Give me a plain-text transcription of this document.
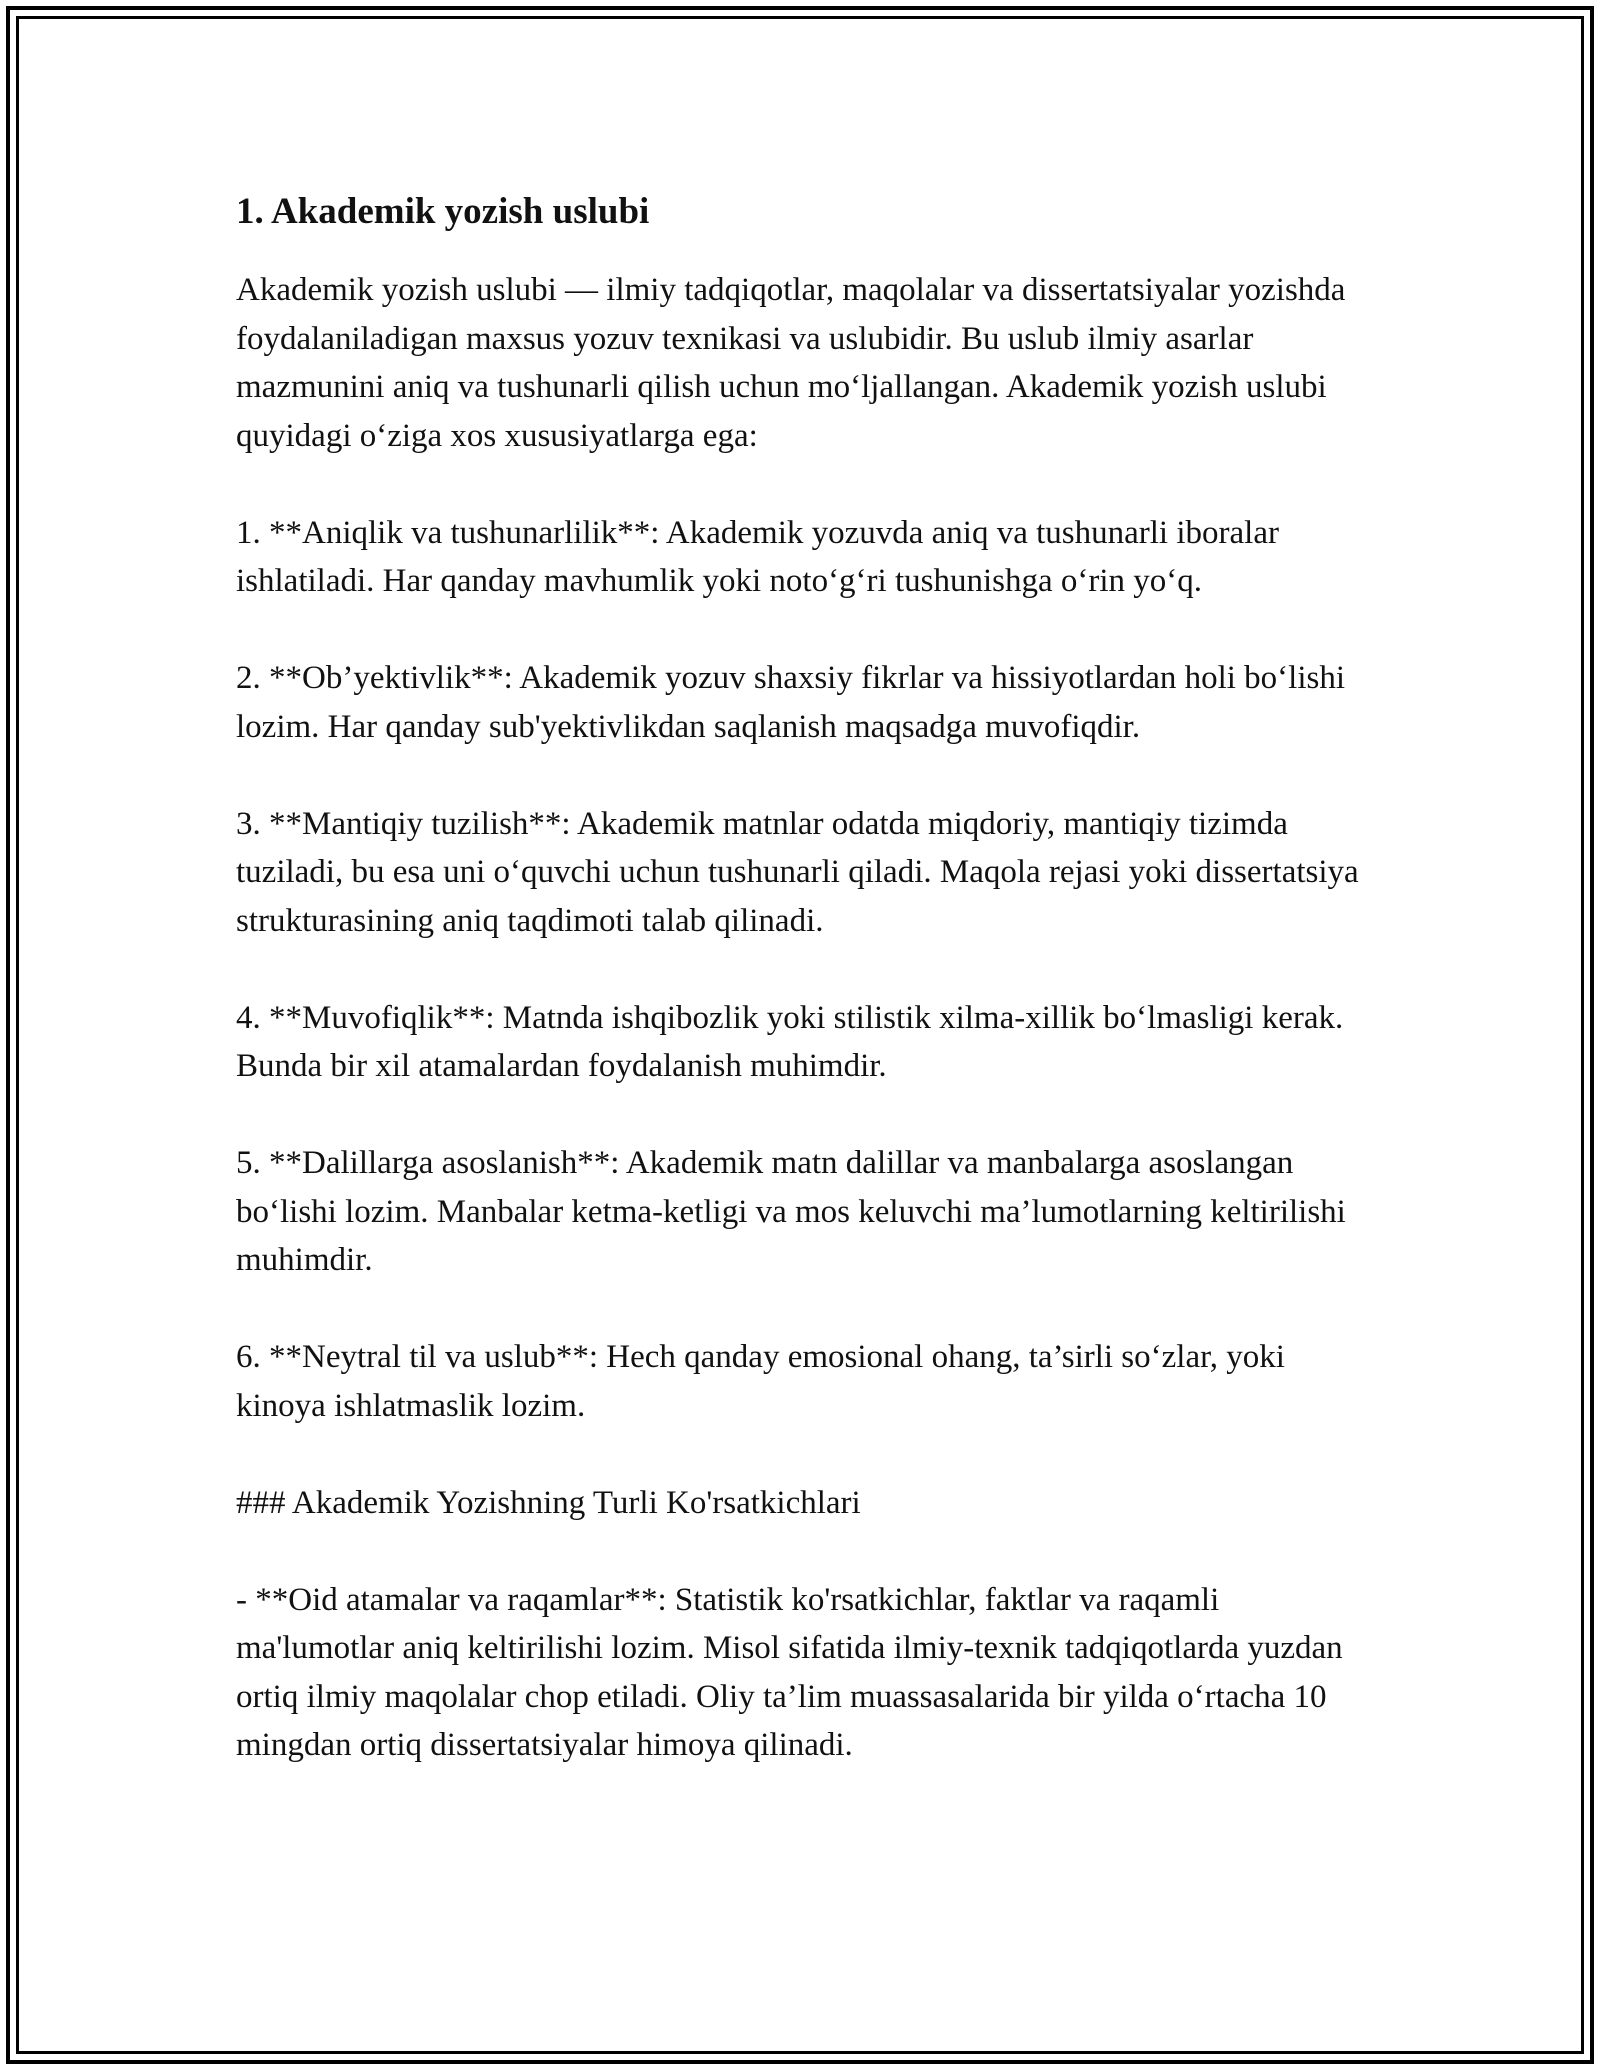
1. Akademik yozish uslubi

Akademik yozish uslubi — ilmiy tadqiqotlar, maqolalar va dissertatsiyalar yozishda foydalaniladigan maxsus yozuv texnikasi va uslubidir. Bu uslub ilmiy asarlar mazmunini aniq va tushunarli qilish uchun mo‘ljallangan. Akademik yozish uslubi quyidagi o‘ziga xos xususiyatlarga ega:

1. **Aniqlik va tushunarlilik**: Akademik yozuvda aniq va tushunarli iboralar ishlatiladi. Har qanday mavhumlik yoki noto‘g‘ri tushunishga o‘rin yo‘q.

2. **Ob’yektivlik**: Akademik yozuv shaxsiy fikrlar va hissiyotlardan holi bo‘lishi lozim. Har qanday sub'yektivlikdan saqlanish maqsadga muvofiqdir.

3. **Mantiqiy tuzilish**: Akademik matnlar odatda miqdoriy, mantiqiy tizimda tuziladi, bu esa uni o‘quvchi uchun tushunarli qiladi. Maqola rejasi yoki dissertatsiya strukturasining aniq taqdimoti talab qilinadi.

4. **Muvofiqlik**: Matnda ishqibozlik yoki stilistik xilma-xillik bo‘lmasligi kerak. Bunda bir xil atamalardan foydalanish muhimdir.

5. **Dalillarga asoslanish**: Akademik matn dalillar va manbalarga asoslangan bo‘lishi lozim. Manbalar ketma-ketligi va mos keluvchi ma’lumotlarning keltirilishi muhimdir.

6. **Neytral til va uslub**: Hech qanday emosional ohang, ta’sirli so‘zlar, yoki kinoya ishlatmaslik lozim.

### Akademik Yozishning Turli Ko'rsatkichlari

- **Oid atamalar va raqamlar**: Statistik ko'rsatkichlar, faktlar va raqamli ma'lumotlar aniq keltirilishi lozim. Misol sifatida ilmiy-texnik tadqiqotlarda yuzdan ortiq ilmiy maqolalar chop etiladi. Oliy ta’lim muassasalarida bir yilda o‘rtacha 10 mingdan ortiq dissertatsiyalar himoya qilinadi.
